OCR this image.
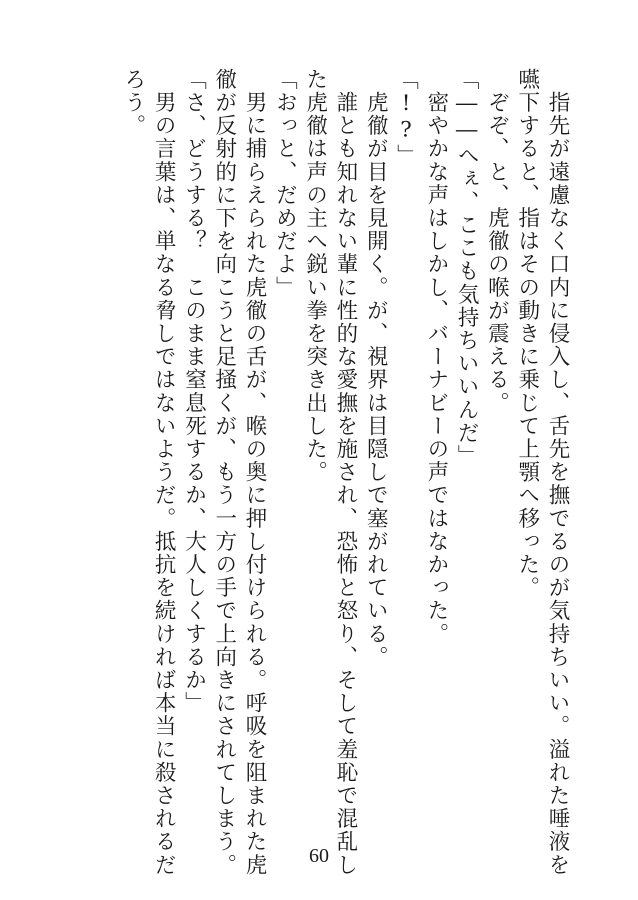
　指先が遠慮なく口内に侵入し、舌先を撫でるのが気持ちいい。溢れた唾液を
嚥下すると、指はその動きに乗じて上顎へ移った。
　ぞぞ、と、虎徹の喉が震える。
「――へぇ、ここも気持ちいいんだ」
　密やかな声はしかし、バーナビーの声ではなかった。
「!?」
　虎徹が目を見開く。が、視界は目隠しで塞がれている。
　誰とも知れない輩に性的な愛撫を施され、恐怖と怒り、そして羞恥で混乱し
た虎徹は声の主へ鋭い拳を突き出した。
「おっと、だめだよ」
　男に捕らえられた虎徹の舌が、喉の奥に押し付けられる。呼吸を阻まれた虎
徹が反射的に下を向こうと足掻くが、もう一方の手で上向きにされてしまう。
「さ、どうする？　このまま窒息死するか、大人しくするか」
　男の言葉は、単なる脅しではないようだ。抵抗を続ければ本当に殺されるだ
ろう。
60
